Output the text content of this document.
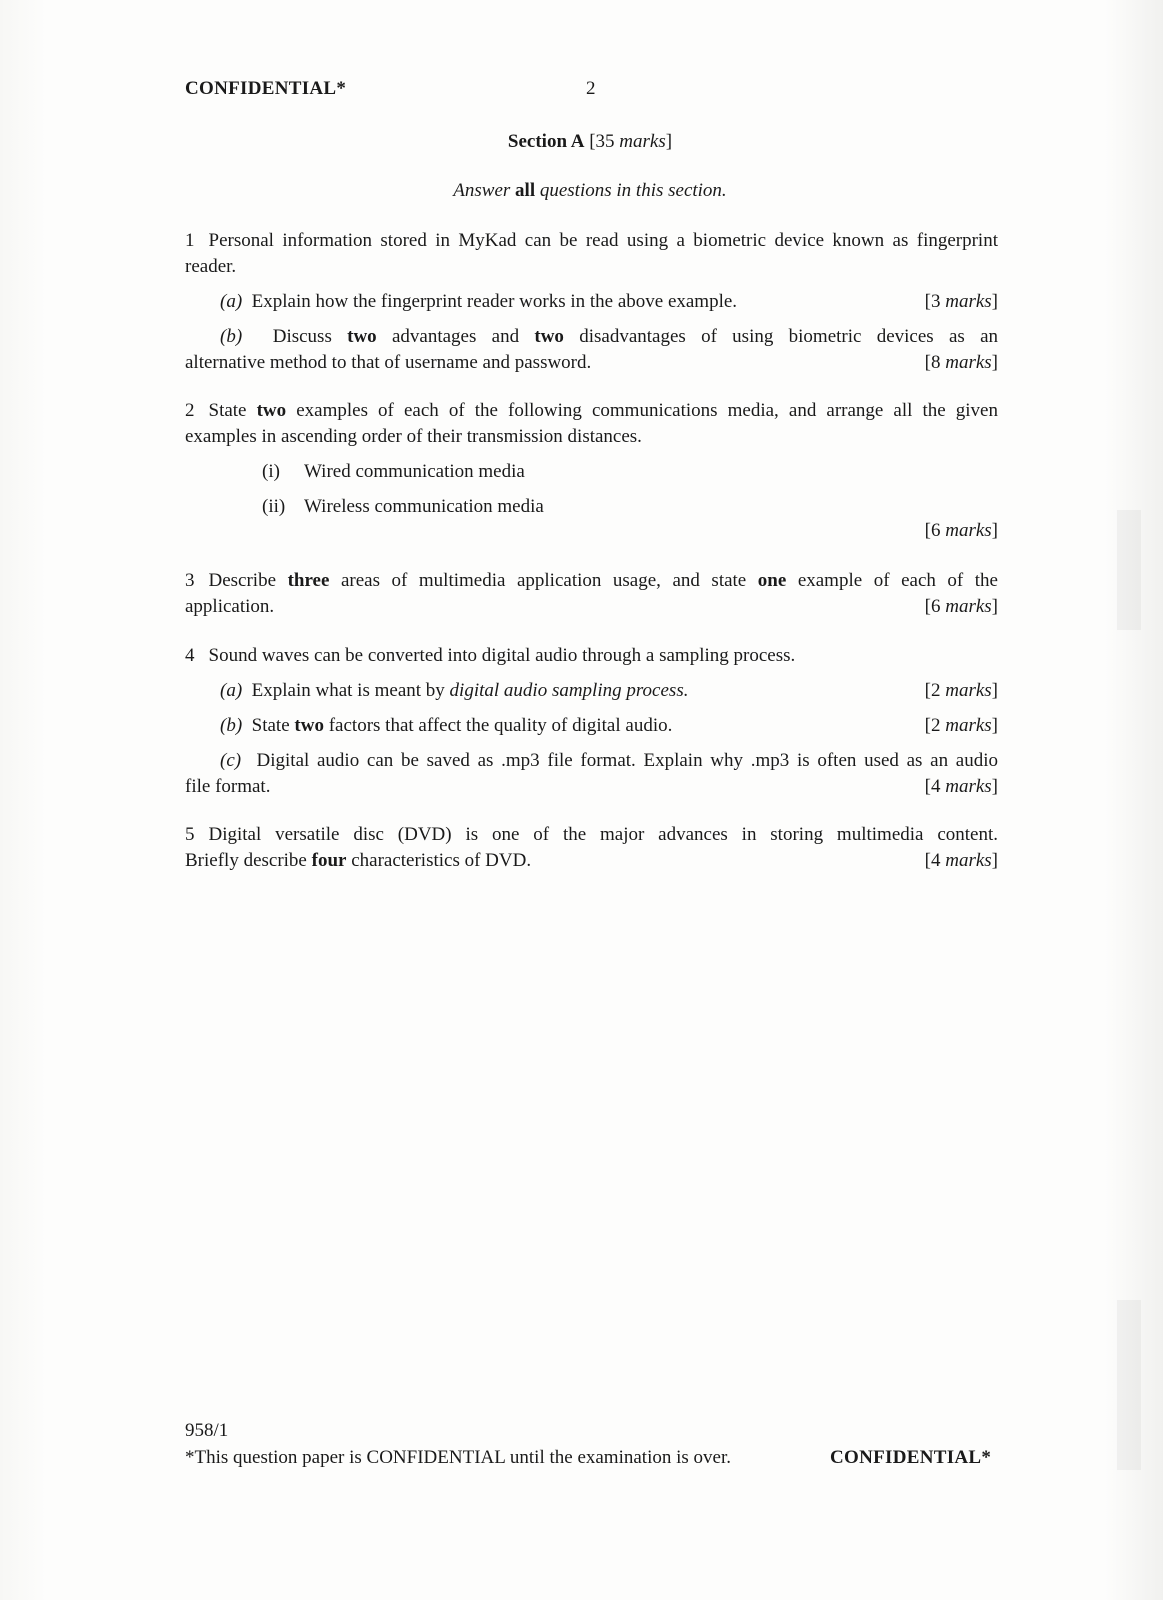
CONFIDENTIAL*	2
Section A [35 marks]
Answer all questions in this section.
1 Personal information stored in MyKad can be read using a biometric device known as fingerprint reader.
(a) Explain how the fingerprint reader works in the above example.	[3 marks]
(b) Discuss two advantages and two disadvantages of using biometric devices as an
alternative method to that of username and password.	[8 marks]
2 State two examples of each of the following communications media, and arrange all the given examples in ascending order of their transmission distances.
(i) Wired communication media
(ii) Wireless communication media
[6 marks]
3 Describe three areas of multimedia application usage, and state one example of each of the
application.	[6 marks]
4 Sound waves can be converted into digital audio through a sampling process.
(a) Explain what is meant by digital audio sampling process.	[2 marks]
(b) State two factors that affect the quality of digital audio.	[2 marks]
(c) Digital audio can be saved as .mp3 file format. Explain why .mp3 is often used as an audio
file format.	[4 marks]
5 Digital versatile disc (DVD) is one of the major advances in storing multimedia content.
Briefly describe four characteristics of DVD.	[4 marks]
958/1
*This question paper is CONFIDENTIAL until the examination is over.	CONFIDENTIAL*
